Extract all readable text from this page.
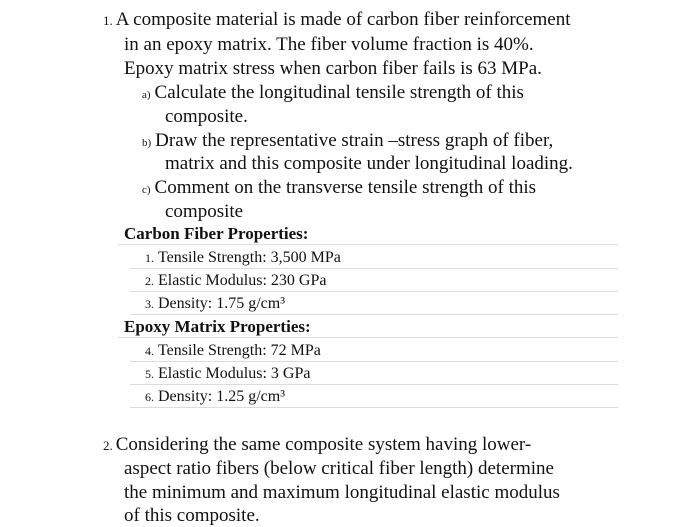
1. A composite material is made of carbon fiber reinforcement
in an epoxy matrix. The fiber volume fraction is 40%.
Epoxy matrix stress when carbon fiber fails is 63 MPa.
a) Calculate the longitudinal tensile strength of this
composite.
b) Draw the representative strain –stress graph of fiber,
matrix and this composite under longitudinal loading.
c) Comment on the transverse tensile strength of this
composite
Carbon Fiber Properties:
1. Tensile Strength: 3,500 MPa
2. Elastic Modulus: 230 GPa
3. Density: 1.75 g/cm³
Epoxy Matrix Properties:
4. Tensile Strength: 72 MPa
5. Elastic Modulus: 3 GPa
6. Density: 1.25 g/cm³
2. Considering the same composite system having lower-
aspect ratio fibers (below critical fiber length) determine
the minimum and maximum longitudinal elastic modulus
of this composite.
